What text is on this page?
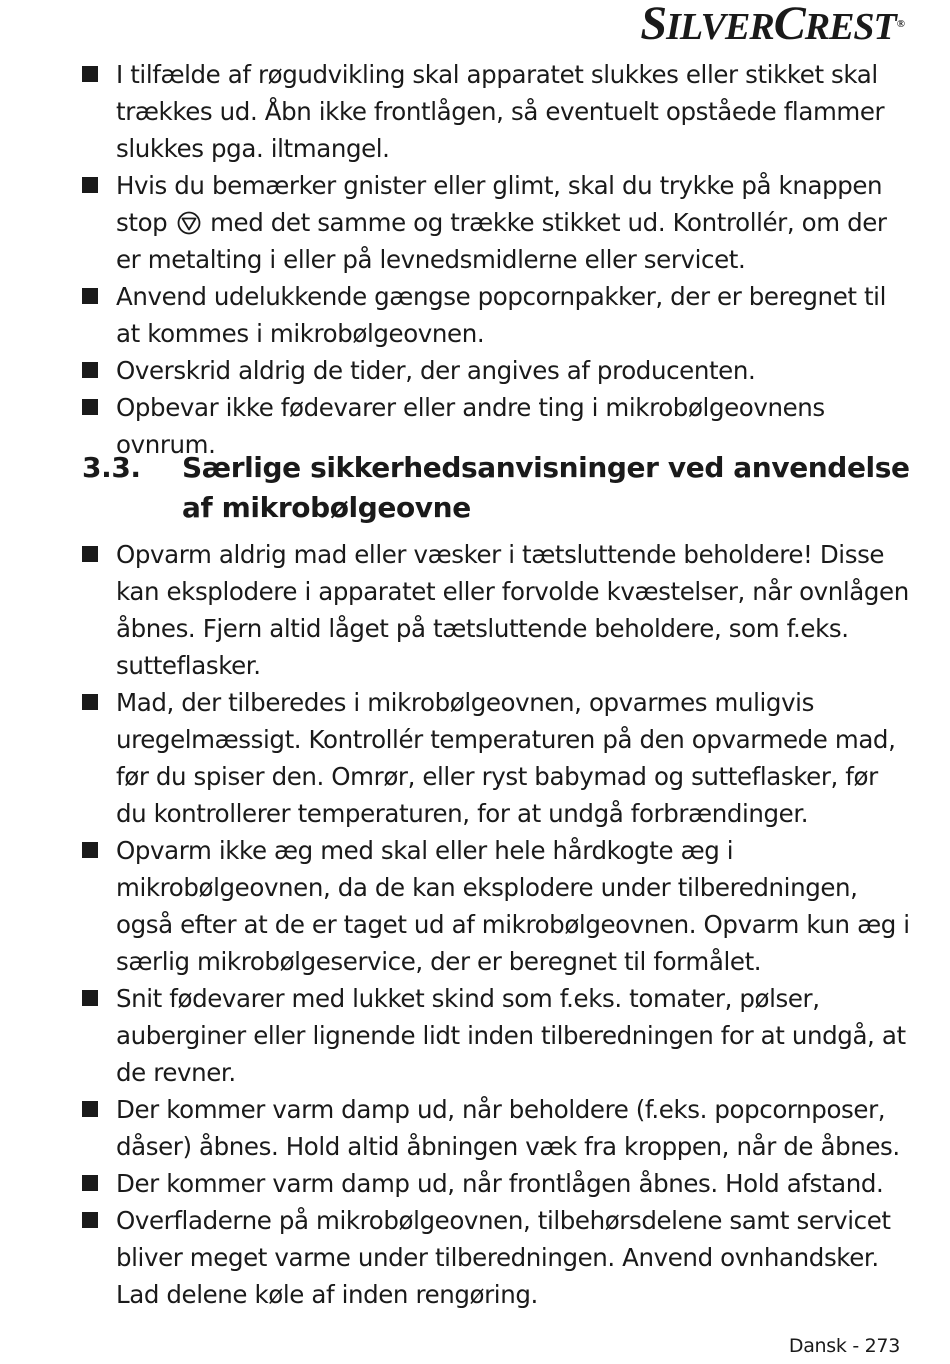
SILVERCREST®
I tilfælde af røgudvikling skal apparatet slukkes eller stikket skal trækkes ud. Åbn ikke frontlågen, så eventuelt opståede flammer slukkes pga. iltmangel.
Hvis du bemærker gnister eller glimt, skal du trykke på knappen stop med det samme og trække stikket ud. Kontrollér, om der er metalting i eller på levnedsmidlerne eller servicet.
Anvend udelukkende gængse popcornpakker, der er beregnet til at kommes i mikrobølgeovnen.
Overskrid aldrig de tider, der angives af producenten.
Opbevar ikke fødevarer eller andre ting i mikrobølgeovnens ovnrum.
3.3. Særlige sikkerhedsanvisninger ved anvendelse af mikrobølgeovne
Opvarm aldrig mad eller væsker i tætsluttende beholdere! Disse kan eksplodere i apparatet eller forvolde kvæstelser, når ovnlågen åbnes. Fjern altid låget på tætsluttende beholdere, som f.eks. sutteflasker.
Mad, der tilberedes i mikrobølgeovnen, opvarmes muligvis uregelmæssigt. Kontrollér temperaturen på den opvarmede mad, før du spiser den. Omrør, eller ryst babymad og sutteflasker, før du kontrollerer temperaturen, for at undgå forbrændinger.
Opvarm ikke æg med skal eller hele hårdkogte æg i mikrobølgeovnen, da de kan eksplodere under tilberedningen, også efter at de er taget ud af mikrobølgeovnen. Opvarm kun æg i særlig mikrobølgeservice, der er beregnet til formålet.
Snit fødevarer med lukket skind som f.eks. tomater, pølser, auberginer eller lignende lidt inden tilberedningen for at undgå, at de revner.
Der kommer varm damp ud, når beholdere (f.eks. popcornposer, dåser) åbnes. Hold altid åbningen væk fra kroppen, når de åbnes.
Der kommer varm damp ud, når frontlågen åbnes. Hold afstand.
Overfladerne på mikrobølgeovnen, tilbehørsdelene samt servicet bliver meget varme under tilberedningen. Anvend ovnhandsker. Lad delene køle af inden rengøring.
Dansk - 273
